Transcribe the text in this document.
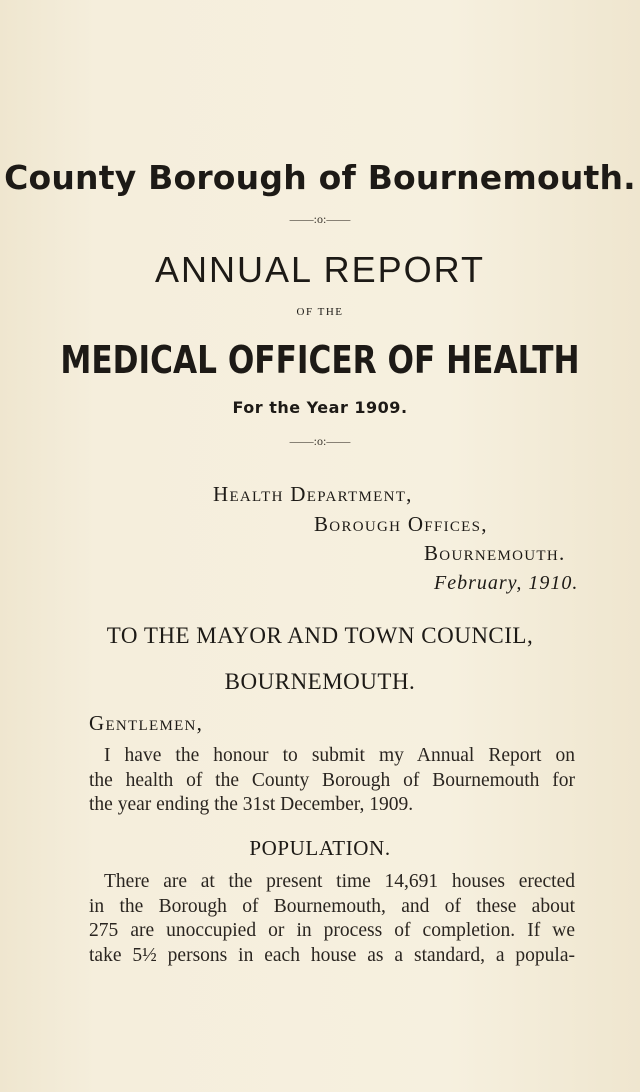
County Borough of Bournemouth.
——:o:——
ANNUAL REPORT
OF THE
MEDICAL OFFICER OF HEALTH
For the Year 1909.
——:o:——
Health Department,
Borough Offices,
Bournemouth.
February, 1910.
TO THE MAYOR AND TOWN COUNCIL,
BOURNEMOUTH.
Gentlemen,
I have the honour to submit my Annual Report on
the health of the County Borough of Bournemouth for
the year ending the 31st December, 1909.
POPULATION.
There are at the present time 14,691 houses erected
in the Borough of Bournemouth, and of these about
275 are unoccupied or in process of completion. If we
take 5½ persons in each house as a standard, a popula-
